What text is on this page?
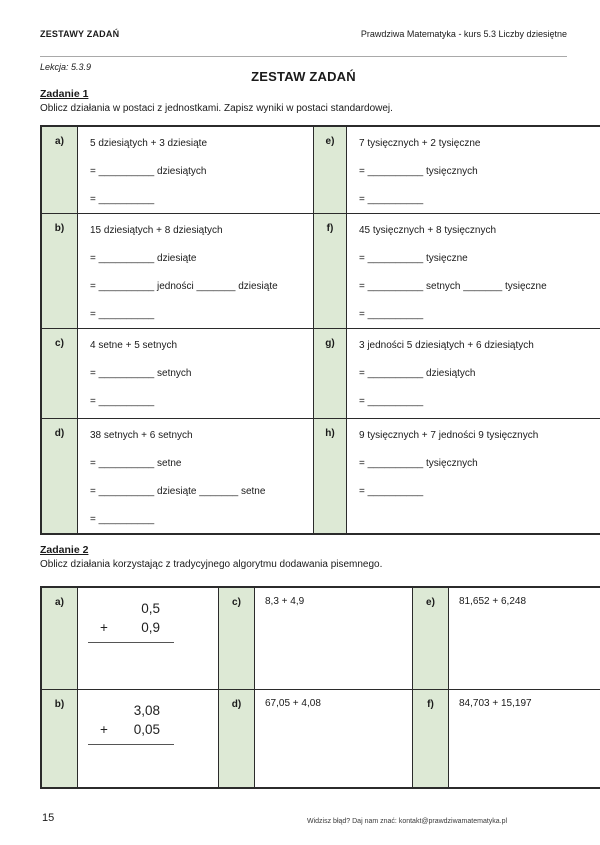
ZESTAWY ZADAŃ	Prawdziwa Matematyka - kurs 5.3 Liczby dziesiętne
Lekcja: 5.3.9
ZESTAW ZADAŃ
Zadanie 1
Oblicz działania w postaci z jednostkami. Zapisz wyniki w postaci standardowej.
a)	5 dziesiątych + 3 dziesiąte
= __________ dziesiątych
= __________
	e)	7 tysięcznych + 2 tysięczne
= __________ tysięcznych
= __________

b)	15 dziesiątych + 8 dziesiątych
= __________ dziesiąte
= __________ jedności _______ dziesiąte
= __________
	f)	45 tysięcznych + 8 tysięcznych
= __________ tysięczne
= __________ setnych _______ tysięczne
= __________

c)	4 setne + 5 setnych
= __________ setnych
= __________
	g)	3 jedności 5 dziesiątych + 6 dziesiątych
= __________ dziesiątych
= __________

d)	38 setnych + 6 setnych
= __________ setne
= __________ dziesiąte _______ setne
= __________
	h)	9 tysięcznych + 7 jedności 9 tysięcznych
= __________ tysięcznych
= __________
Zadanie 2
Oblicz działania korzystając z tradycyjnego algorytmu dodawania pisemnego.
a)	0,5
+ 0,9	c)	8,3 + 4,9	e)	81,652 + 6,248
b)	3,08
+ 0,05	d)	67,05 + 4,08	f)	84,703 + 15,197
15	Widzisz błąd? Daj nam znać: kontakt@prawdziwamatematyka.pl
